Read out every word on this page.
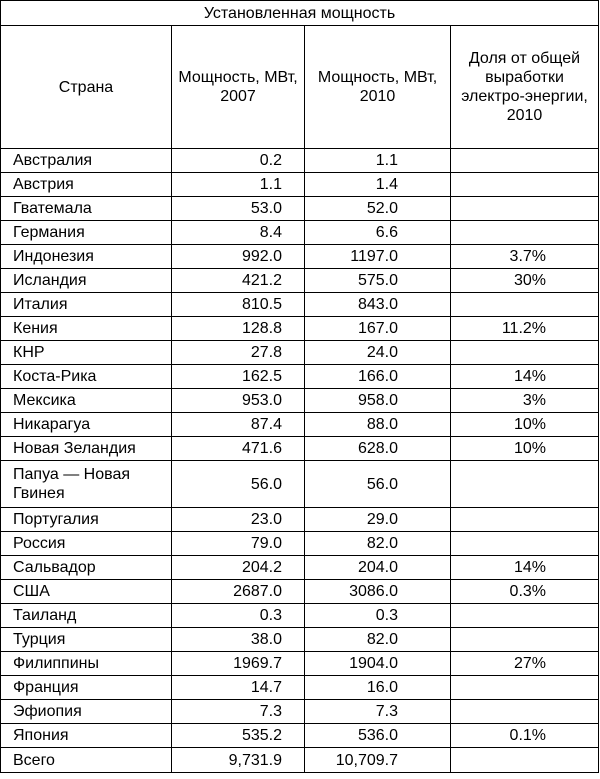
Установленная мощность			
Страна	Мощность, МВт, 2007	Мощность, МВт, 2010	Доля от общей выработки электро-энергии, 2010
Австралия	0.2	1.1	
Австрия	1.1	1.4	
Гватемала	53.0	52.0	
Германия	8.4	6.6	
Индонезия	992.0	1197.0	3.7%
Исландия	421.2	575.0	30%
Италия	810.5	843.0	
Кения	128.8	167.0	11.2%
КНР	27.8	24.0	
Коста-Рика	162.5	166.0	14%
Мексика	953.0	958.0	3%
Никарагуа	87.4	88.0	10%
Новая Зеландия	471.6	628.0	10%
Папуа — Новая Гвинея	56.0	56.0	
Португалия	23.0	29.0	
Россия	79.0	82.0	
Сальвадор	204.2	204.0	14%
США	2687.0	3086.0	0.3%
Таиланд	0.3	0.3	
Турция	38.0	82.0	
Филиппины	1969.7	1904.0	27%
Франция	14.7	16.0	
Эфиопия	7.3	7.3	
Япония	535.2	536.0	0.1%
Всего	9,731.9	10,709.7	
